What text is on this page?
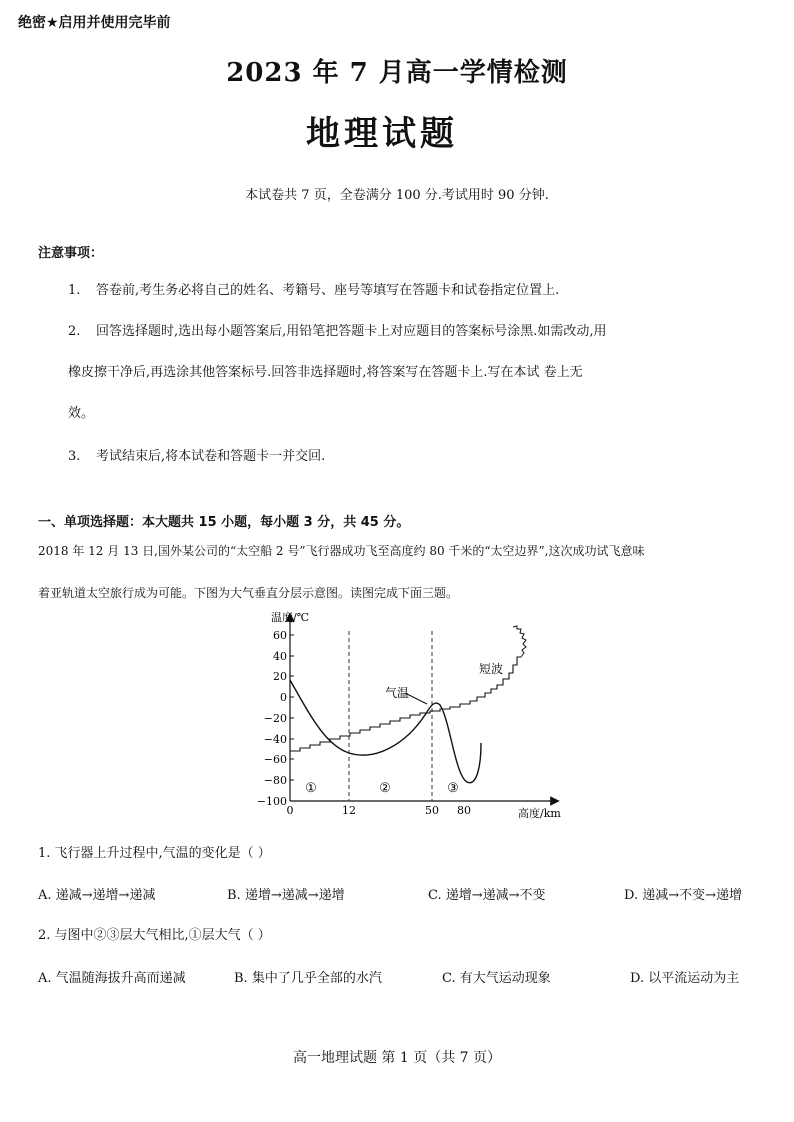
绝密★启用并使用完毕前
2023 年 7 月高一学情检测
地理试题
本试卷共 7 页，全卷满分 100 分.考试用时 90 分钟.
注意事项：
1. 答卷前,考生务必将自己的姓名、考籍号、座号等填写在答题卡和试卷指定位置上.
2. 回答选择题时,选出每小题答案后,用铅笔把答题卡上对应题目的答案标号涂黑.如需改动,用
橡皮擦干净后,再选涂其他答案标号.回答非选择题时,将答案写在答题卡上.写在本试 卷上无
效。
3. 考试结束后,将本试卷和答题卡一并交回.
一、单项选择题：本大题共 15 小题，每小题 3 分，共 45 分。
2018 年 12 月 13 日,国外某公司的“太空船 2 号”飞行器成功飞至高度约 80 千米的“太空边界”,这次成功试飞意味
着亚轨道太空旅行成为可能。下图为大气垂直分层示意图。读图完成下面三题。
温度/℃
高度/km
60
40
20
0
−20
−40
−60
−80
−100
0	12	50 80
①	②	③
气温
短波
1. 飞行器上升过程中,气温的变化是（ ）
A. 递减→递增→递减	B. 递增→递减→递增	C. 递增→递减→不变	D. 递减→不变→递增
2. 与图中②③层大气相比,①层大气（ ）
A. 气温随海拔升高而递减	B. 集中了几乎全部的水汽	C. 有大气运动现象	D. 以平流运动为主
高一地理试题 第 1 页（共 7 页）
